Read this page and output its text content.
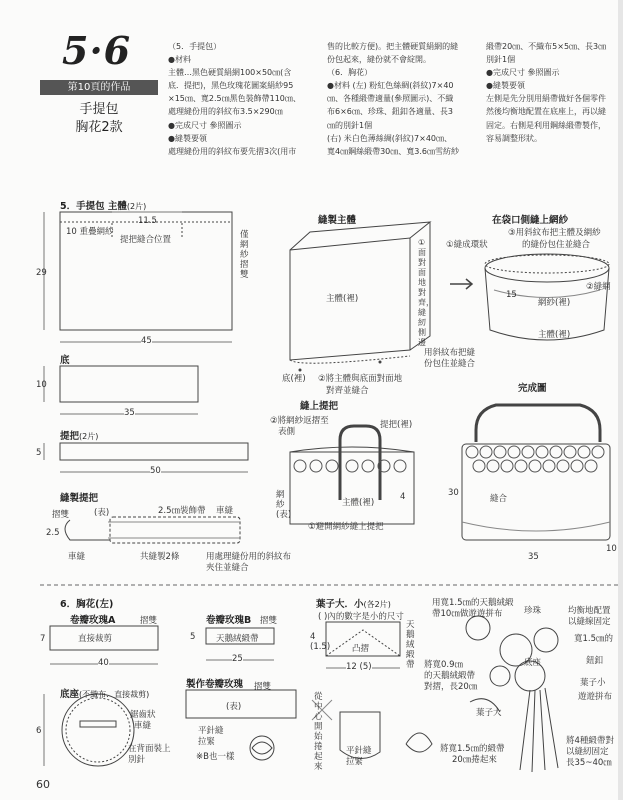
5·6
第10頁的作品
手提包
胸花2款
（5．手提包）
●材料
主體…黑色硬質絹網100×50㎝(含
底．提把)，黑色玫瑰花圖案絹紗95
×15㎝、寬2.5㎝黑色裝飾帶110㎝、
處理縫份用的斜紋布3.5×290㎝
●完成尺寸 參照圖示
●縫製要領
處理縫份用的斜紋布要先摺3次(用市
售的比較方便)。把主體硬質絹網的縫
份包起來，縫份就不會綻開。
（6．胸花）
●材料 (左) 粉紅色絲綢(斜紋)7×40
㎝、各種緞帶適量(參照圖示)、不織
布6×6㎝、珍珠、鈕釦各適量、長3
㎝的別針1個
(右) 米白色薄絲綢(斜紋)7×40㎝、
寬4㎝鋼絲緞帶30㎝、寬3.6㎝雪紡紗
緞帶20㎝、不織布5×5㎝、長3㎝
別針1個
●完成尺寸 參照圖示
●縫製要領
左側是先分別用絹帶做好各個零件
然後均衡地配置在底座上，再以縫
固定。右側是利用鋼絲緞帶製作，
容易調整形狀。
5．手提包 主體(2片)
11.5
10 重疊網紗
提把縫合位置	僅網紗摺雙
29
45
底
10
35
提把(2片)
5
50
縫製提把
摺雙	(表)	2.5㎝裝飾帶 車縫
2.5
車縫	共縫製2條	用處理縫份用的斜紋布
夾住並縫合
縫製主體
主體(裡)
①面對面地對齊，縫紉側邊
底(裡) ②將主體與底面對面地
對齊並縫合
用斜紋布把縫
份包住並縫合
在袋口側縫上網紗
①縫成環狀
③用斜紋布把主體及網紗
的縫份包住並縫合
②縫網
15
網紗(裡)
主體(裡)
縫上提把
②將網紗返摺至
表側
提把(裡)
網紗(表)
主體(裡)
4
①避開網紗縫上提把
完成圖
30
縫合
35
10
6．胸花(左)
卷瓣玫瑰A	摺雙
直接裁剪
7
40
卷瓣玫瑰B 摺雙
天鵝絨緞帶
5
25
葉子大．小(各2片)
( )內的數字是小的尺寸
4 (1.5)
12 (5)
凸摺
天鵝絨緞帶
底座(不織布．直接裁剪)
鋸齒狀
車縫
在背面裝上
別針
6
製作卷瓣玫瑰 摺雙
(表)
平針縫
拉緊
※B也一樣
從中心開始捲起來
平針縫
拉緊
用寬1.5㎝的天鵝絨緞
帶10㎝做遊遊拼布	珍珠	均衡地配置
以縫線固定
寬1.5㎝的
鈕釦
葉子小
底座
將寬0.9㎝
的天鵝絨緞帶
對摺，長20㎝
葉子大
遊遊拼布
將寬1.5㎝的緞帶
20㎝捲起來
將4種緞帶對
以縫紉固定
長35~40㎝
60
